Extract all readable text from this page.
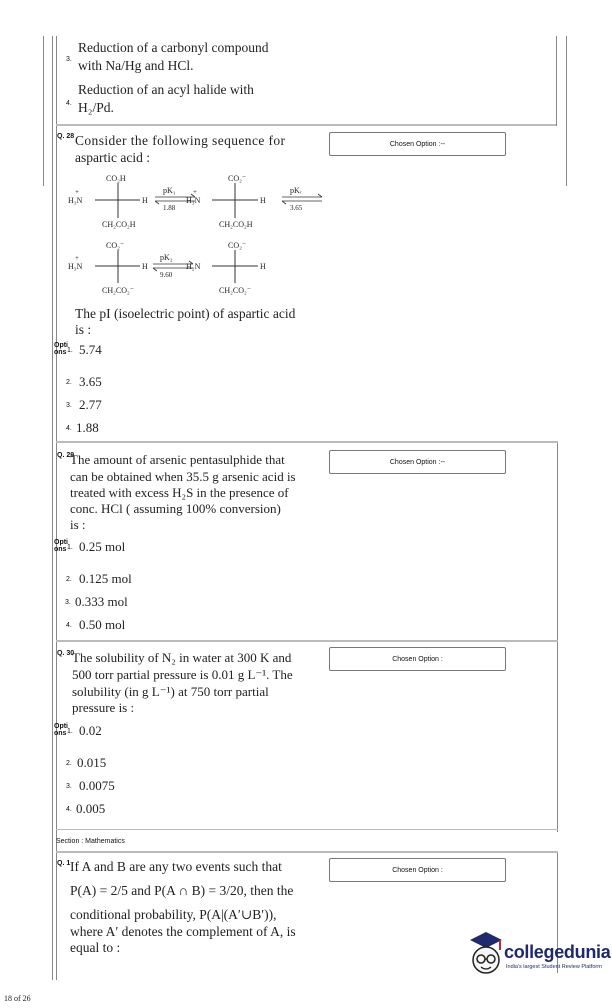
3.
Reduction of a carbonyl compound
with Na/Hg and HCl.
4.
Reduction of an acyl halide with
H₂/Pd.
Q. 28 Consider the following sequence for
aspartic acid :
Chosen Option :--
CO₂H
+
H₃N	H
CH₂CO₂H
pK₁
1.88
CO₂⁻
+
H₃N	H
CH₂CO₂H
pKᵣ
3.65
CO₂⁻
+
H₃N	H
CH₂CO₂⁻
pK₂
9.60
CO₂⁻
H₂N	H
CH₂CO₂⁻
The pI (isoelectric point) of aspartic acid
is :
Options 1. 5.74
2. 3.65
3. 2.77
4. 1.88
Q. 29
The amount of arsenic pentasulphide that
can be obtained when 35.5 g arsenic acid is
treated with excess H₂S in the presence of
conc. HCl ( assuming 100% conversion)
is :
Chosen Option :--
Options 1. 0.25 mol
2. 0.125 mol
3. 0.333 mol
4. 0.50 mol
Q. 30
The solubility of N₂ in water at 300 K and
500 torr partial pressure is 0.01 g L⁻¹. The
solubility (in g L⁻¹) at 750 torr partial
pressure is :
Chosen Option :
Options 1. 0.02
2. 0.015
3. 0.0075
4. 0.005
Section : Mathematics
Q. 1 If A and B are any two events such that
P(A) = 2/5 and P(A ∩ B) = 3/20, then the
conditional probability, P(A|(A′∪B′)),
where A′ denotes the complement of A, is
equal to :
Chosen Option :
collegedunia
India's largest Student Review Platform
18 of 26
